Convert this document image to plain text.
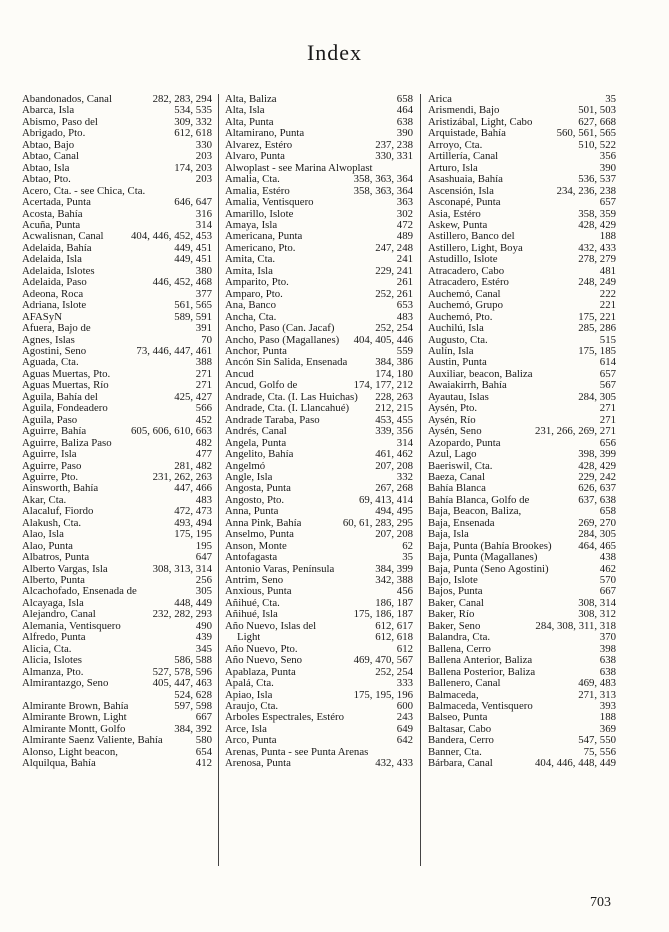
Index
Abandonados, Canal	282, 283, 294
Abarca, Isla	534, 535
Abismo, Paso del	309, 332
Abrigado, Pto.	612, 618
Abtao, Bajo	330
Abtao, Canal	203
Abtao, Isla	174, 203
Abtao, Pto.	203
Acero, Cta. - see Chica, Cta.
Acertada, Punta	646, 647
Acosta, Bahía	316
Acuña, Punta	314
Acwalisnan, Canal	404, 446, 452, 453
Adelaida, Bahía	449, 451
Adelaida, Isla	449, 451
Adelaida, Islotes	380
Adelaida, Paso	446, 452, 468
Adeona, Roca	377
Adriana, Islote	561, 565
AFASyN	589, 591
Afuera, Bajo de	391
Agnes, Islas	70
Agostini, Seno	73, 446, 447, 461
Aguada, Cta.	388
Aguas Muertas, Pto.	271
Aguas Muertas, Río	271
Águila, Bahía del	425, 427
Águila, Fondeadero	566
Águila, Paso	452
Aguirre, Bahía	605, 606, 610, 663
Aguirre, Baliza Paso	482
Aguirre, Isla	477
Aguirre, Paso	281, 482
Aguirre, Pto.	231, 262, 263
Ainsworth, Bahía	447, 466
Ákar, Cta.	483
Alacaluf, Fiordo	472, 473
Alakush, Cta.	493, 494
Alao, Isla	175, 195
Alao, Punta	195
Albatros, Punta	647
Alberto Vargas, Isla	308, 313, 314
Alberto, Punta	256
Alcachofado, Ensenada de	305
Alcayaga, Isla	448, 449
Alejandro, Canal	232, 282, 293
Alemania, Ventisquero	490
Alfredo, Punta	439
Alicia, Cta.	345
Alicia, Islotes	586, 588
Almanza, Pto.	527, 578, 596
Almirantazgo, Seno	405, 447, 463
524, 628
Almirante Brown, Bahía	597, 598
Almirante Brown, Light	667
Almirante Montt, Golfo	384, 392
Almirante Saenz Valiente, Bahía	580
Alonso, Light beacon,	654
Alquilqua, Bahía	412
Alta, Baliza	658
Alta, Isla	464
Alta, Punta	638
Altamirano, Punta	390
Álvarez, Estéro	237, 238
Álvaro, Punta	330, 331
Alwoplast - see Marina Alwoplast
Amalia, Cta.	358, 363, 364
Amalia, Estéro	358, 363, 364
Amalia, Ventisquero	363
Amarillo, Islote	302
Amaya, Isla	472
Americana, Punta	489
Americano, Pto.	247, 248
Amita, Cta.	241
Amita, Isla	229, 241
Amparito, Pto.	261
Amparo, Pto.	252, 261
Ana, Banco	653
Ancha, Cta.	483
Ancho, Paso (Can. Jacaf)	252, 254
Ancho, Paso (Magallanes)	404, 405, 446
Anchor, Punta	559
Ancón Sin Salida, Ensenada	384, 386
Ancud	174, 180
Ancud, Golfo de	174, 177, 212
Andrade, Cta. (I. Las Huichas)	228, 263
Andrade, Cta. (I. Llancahué)	212, 215
Andrade Taraba, Paso	453, 455
Andrés, Canal	339, 356
Ángela, Punta	314
Angelito, Bahía	461, 462
Angelmó	207, 208
Angle, Isla	332
Angosta, Punta	267, 268
Angosto, Pto.	69, 413, 414
Anna, Punta	494, 495
Anna Pink, Bahía	60, 61, 283, 295
Anselmo, Punta	207, 208
Anson, Monte	62
Antofagasta	35
Antonio Varas, Península	384, 399
Antrim, Seno	342, 388
Anxious, Punta	456
Añihué, Cta.	186, 187
Añihué, Isla	175, 186, 187
Año Nuevo, Islas del	612, 617
Light	612, 618
Año Nuevo, Pto.	612
Año Nuevo, Seno	469, 470, 567
Apablaza, Punta	252, 254
Apalá, Cta.	333
Apiao, Isla	175, 195, 196
Araujo, Cta.	600
Árboles Espectrales, Estéro	243
Arce, Isla	649
Arco, Punta	642
Arenas, Punta - see Punta Arenas
Arenosa, Punta	432, 433
Arica	35
Arismendi, Bajo	501, 503
Aristizábal, Light, Cabo	627, 668
Arquistade, Bahía	560, 561, 565
Arroyo, Cta.	510, 522
Artillería, Canal	356
Arturo, Isla	390
Asashuaia, Bahía	536, 537
Ascensión, Isla	234, 236, 238
Asconapé, Punta	657
Asia, Estéro	358, 359
Askew, Punta	428, 429
Astillero, Banco del	188
Astillero, Light, Boya	432, 433
Astudillo, Islote	278, 279
Atracadero, Cabo	481
Atracadero, Estéro	248, 249
Auchemó, Canal	222
Auchemó, Grupo	221
Auchemó, Pto.	175, 221
Auchilú, Isla	285, 286
Augusto, Cta.	515
Aulín, Isla	175, 185
Austin, Punta	614
Auxiliar, beacon, Baliza	657
Awaiakirrh, Bahía	567
Ayautau, Islas	284, 305
Aysén, Pto.	271
Aysén, Río	271
Aysén, Seno	231, 266, 269, 271
Azopardo, Punta	656
Azul, Lago	398, 399
Baeriswil, Cta.	428, 429
Baeza, Canal	229, 242
Bahía Blanca	626, 637
Bahía Blanca, Golfo de	637, 638
Baja, Beacon, Baliza,	658
Baja, Ensenada	269, 270
Baja, Isla	284, 305
Baja, Punta (Bahía Brookes)	464, 465
Baja, Punta (Magallanes)	438
Baja, Punta (Seno Agostini)	462
Bajo, Islote	570
Bajos, Punta	667
Baker, Canal	308, 314
Baker, Río	308, 312
Baker, Seno	284, 308, 311, 318
Balandra, Cta.	370
Ballena, Cerro	398
Ballena Anterior, Baliza	638
Ballena Posterior, Baliza	638
Ballenero, Canal	469, 483
Balmaceda,	271, 313
Balmaceda, Ventisquero	393
Balseo, Punta	188
Baltasar, Cabo	369
Bandera, Cerro	547, 550
Banner, Cta.	75, 556
Bárbara, Canal	404, 446, 448, 449
703
